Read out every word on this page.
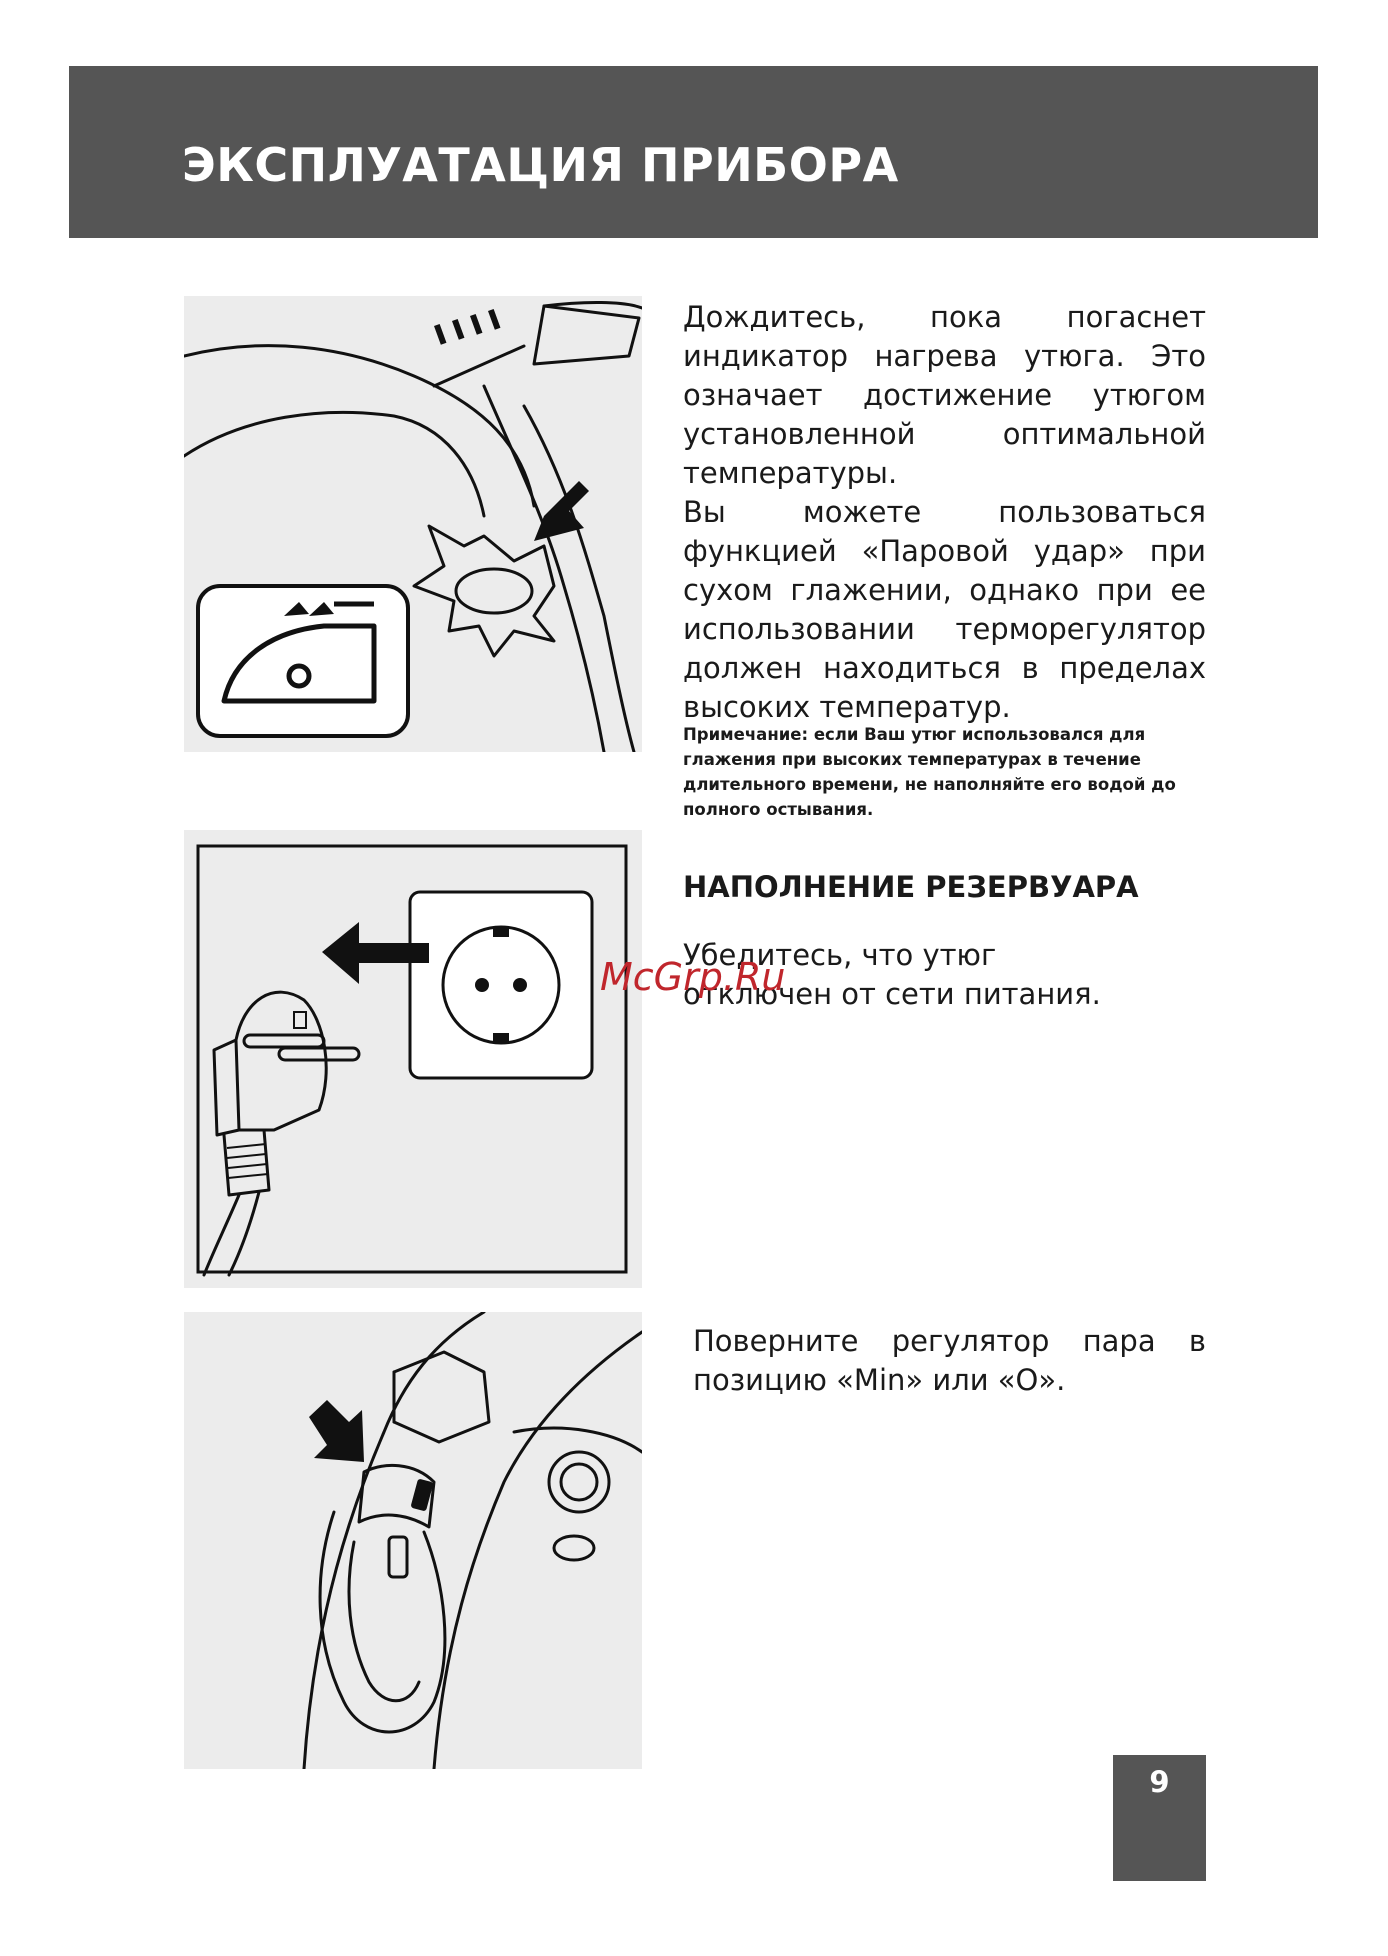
ЭКСПЛУАТАЦИЯ ПРИБОРА

Дождитесь, пока погаснет индикатор нагрева утюга. Это означает достижение утюгом установленной оптимальной температуры.

Вы можете пользоваться функцией «Паровой удар» при сухом глажении, однако при ее использовании терморегулятор должен находиться в пределах высоких температур.

Примечание: если Ваш утюг использовался для глажения при высоких температурах в течение длительного времени, не наполняйте его водой до полного остывания.

НАПОЛНЕНИЕ РЕЗЕРВУАРА

Убедитесь, что утюг отключен от сети питания.

McGrp.Ru

Поверните регулятор пара в позицию «Min» или «О».

9
